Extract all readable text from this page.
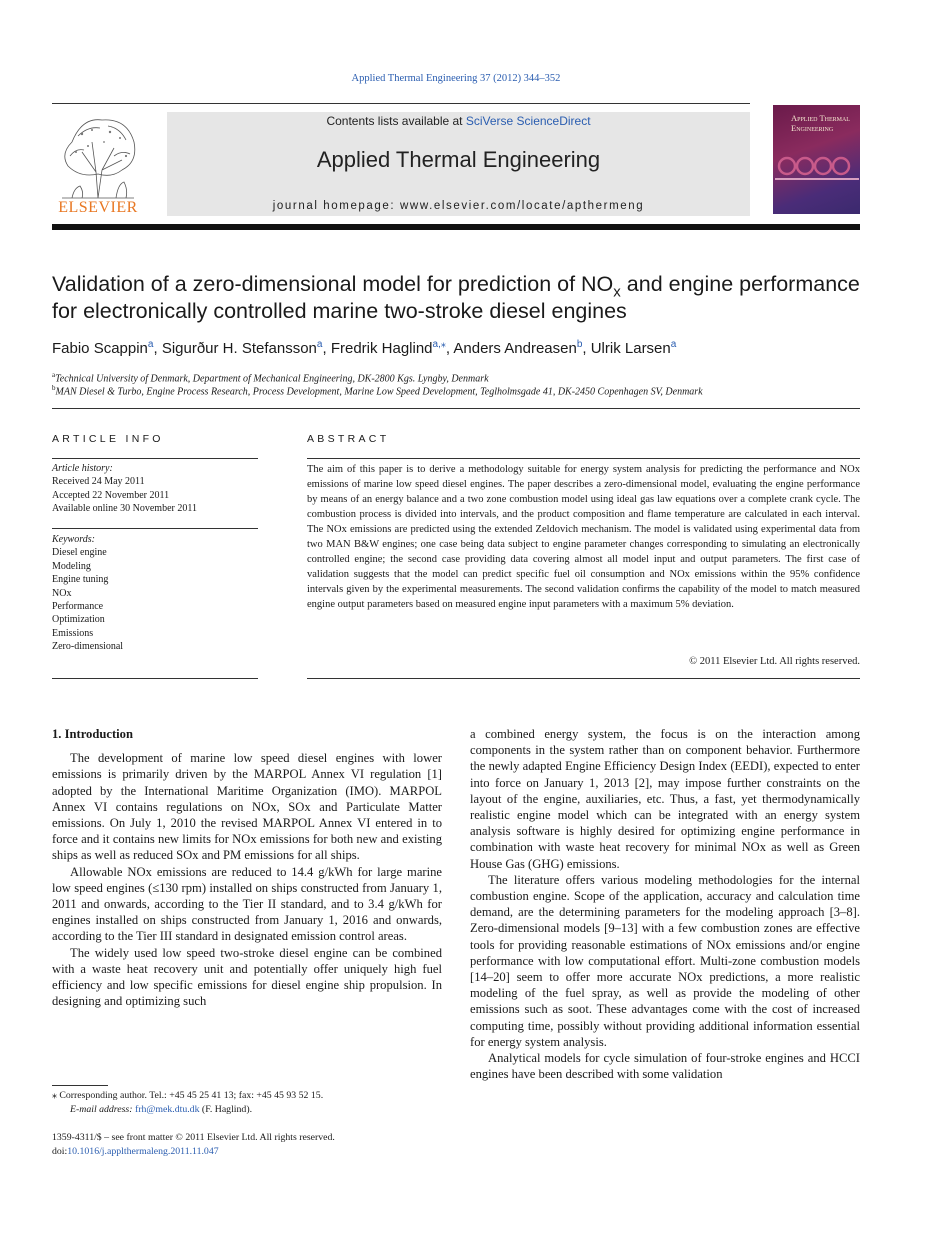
Applied Thermal Engineering 37 (2012) 344–352
ELSEVIER
Contents lists available at SciVerse ScienceDirect
Applied Thermal Engineering
journal homepage: www.elsevier.com/locate/apthermeng
Applied Thermal Engineering
Validation of a zero-dimensional model for prediction of $NO_x$ and engine performance for electronically controlled marine two-stroke diesel engines
Fabio Scappin$^a$, Sigurður H. Stefansson$^a$, Fredrik Haglind$^{a,⁎}$, Anders Andreasen$^b$, Ulrik Larsen$^a$
$^a$Technical University of Denmark, Department of Mechanical Engineering, DK-2800 Kgs. Lyngby, Denmark
$^b$MAN Diesel & Turbo, Engine Process Research, Process Development, Marine Low Speed Development, Teglholmsgade 41, DK-2450 Copenhagen SV, Denmark
ARTICLE INFO	ABSTRACT
Article history:
Received 24 May 2011
Accepted 22 November 2011
Available online 30 November 2011
Keywords:
Diesel engine
Modeling
Engine tuning
NOx
Performance
Optimization
Emissions
Zero-dimensional
The aim of this paper is to derive a methodology suitable for energy system analysis for predicting the performance and NOx emissions of marine low speed diesel engines. The paper describes a zero-dimensional model, evaluating the engine performance by means of an energy balance and a two zone combustion model using ideal gas law equations over a complete crank cycle. The combustion process is divided into intervals, and the product composition and flame temperature are calculated in each interval. The NOx emissions are predicted using the extended Zeldovich mechanism. The model is validated using experimental data from two MAN B&W engines; one case being data subject to engine parameter changes corresponding to simulating an electronically controlled engine; the second case providing data covering almost all model input and output parameters. The first case of validation suggests that the model can predict specific fuel oil consumption and NOx emissions within the 95% confidence intervals given by the experimental measurements. The second validation confirms the capability of the model to match measured engine output parameters based on measured engine input parameters with a maximum 5% deviation.
© 2011 Elsevier Ltd. All rights reserved.

1. Introduction

The development of marine low speed diesel engines with lower emissions is primarily driven by the MARPOL Annex VI regulation [1] adopted by the International Maritime Organization (IMO). MARPOL Annex VI contains regulations on NOx, SOx and Particulate Matter emissions. On July 1, 2010 the revised MARPOL Annex VI entered in to force and it contains new limits for NOx emissions for both new and existing ships as well as reduced SOx and PM emissions for all ships.

Allowable NOx emissions are reduced to 14.4 g/kWh for large marine low speed engines (≤130 rpm) installed on ships constructed from January 1, 2011 and onwards, according to the Tier II standard, and to 3.4 g/kWh for engines installed on ships constructed from January 1, 2016 and onwards, according to the Tier III standard in designated emission control areas.

The widely used low speed two-stroke diesel engine can be combined with a waste heat recovery unit and potentially offer uniquely high fuel efficiency and low specific emissions for diesel engine ship propulsion. In designing and optimizing such

a combined energy system, the focus is on the interaction among components in the system rather than on component behavior. Furthermore the newly adapted Engine Efficiency Design Index (EEDI), expected to enter into force on January 1, 2013 [2], may impose further constraints on the layout of the engine, auxiliaries, etc. Thus, a fast, yet thermodynamically realistic engine model which can be integrated with an energy system analysis software is highly desired for optimizing engine performance in combination with waste heat recovery for minimal NOx as well as Green House Gas (GHG) emissions.

The literature offers various modeling methodologies for the internal combustion engine. Scope of the application, accuracy and calculation time demand, are the determining parameters for the modeling approach [3–8]. Zero-dimensional models [9–13] with a few combustion zones are effective tools for providing reasonable estimations of NOx emissions and/or engine performance with low computational effort. Multi-zone combustion models [14–20] seem to offer more accurate NOx predictions, a more realistic modeling of the fuel spray, as well as provide the modeling of other emissions such as soot. These advantages come with the cost of increased computing time, possibly without providing additional information essential for energy system analysis.

Analytical models for cycle simulation of four-stroke engines and HCCI engines have been described with some validation

⁎ Corresponding author. Tel.: +45 45 25 41 13; fax: +45 45 93 52 15.
E-mail address: frh@mek.dtu.dk (F. Haglind).
1359-4311/$ – see front matter © 2011 Elsevier Ltd. All rights reserved.
doi:10.1016/j.applthermaleng.2011.11.047
